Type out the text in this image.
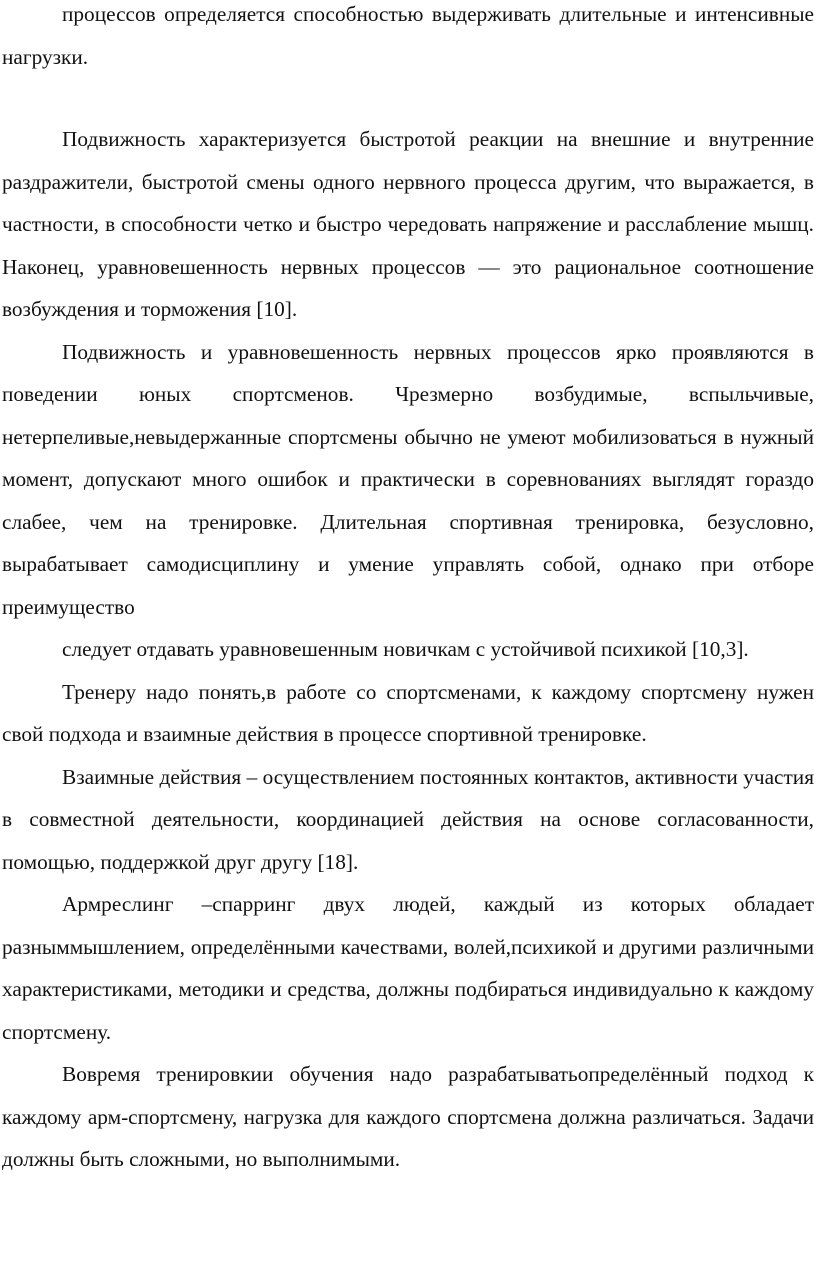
процессов определяется способностью выдерживать длительные и интенсивные нагрузки.

Подвижность характеризуется быстротой реакции на внешние и внутренние раздражители, быстротой смены одного нервного процесса другим, что выражается, в частности, в способности четко и быстро чередовать напряжение и расслабление мышц. Наконец, уравновешенность нервных процессов — это рациональное соотношение возбуждения и торможения [10].

Подвижность и уравновешенность нервных процессов ярко проявляются в поведении юных спортсменов. Чрезмерно возбудимые, вспыльчивые, нетерпеливые,невыдержанные спортсмены обычно не умеют мобилизоваться в нужный момент, допускают много ошибок и практически в соревнованиях выглядят гораздо слабее, чем на тренировке. Длительная спортивная тренировка, безусловно, вырабатывает самодисциплину и умение управлять собой, однако при отборе преимущество

следует отдавать уравновешенным новичкам с устойчивой психикой [10,3].

Тренеру надо понять,в работе со спортсменами, к каждому спортсмену нужен свой подхода и взаимные действия в процессе спортивной тренировке.

Взаимные действия – осуществлением постоянных контактов, активности участия в совместной деятельности, координацией действия на основе согласованности, помощью, поддержкой друг другу [18].

Армреслинг –спарринг двух людей, каждый из которых обладает разныммышлением, определёнными качествами, волей,психикой и другими различными характеристиками, методики и средства, должны подбираться индивидуально к каждому спортсмену.

Вовремя тренировкии обучения надо разрабатыватьопределённый подход к каждому арм-спортсмену, нагрузка для каждого спортсмена должна различаться. Задачи должны быть сложными, но выполнимыми.
